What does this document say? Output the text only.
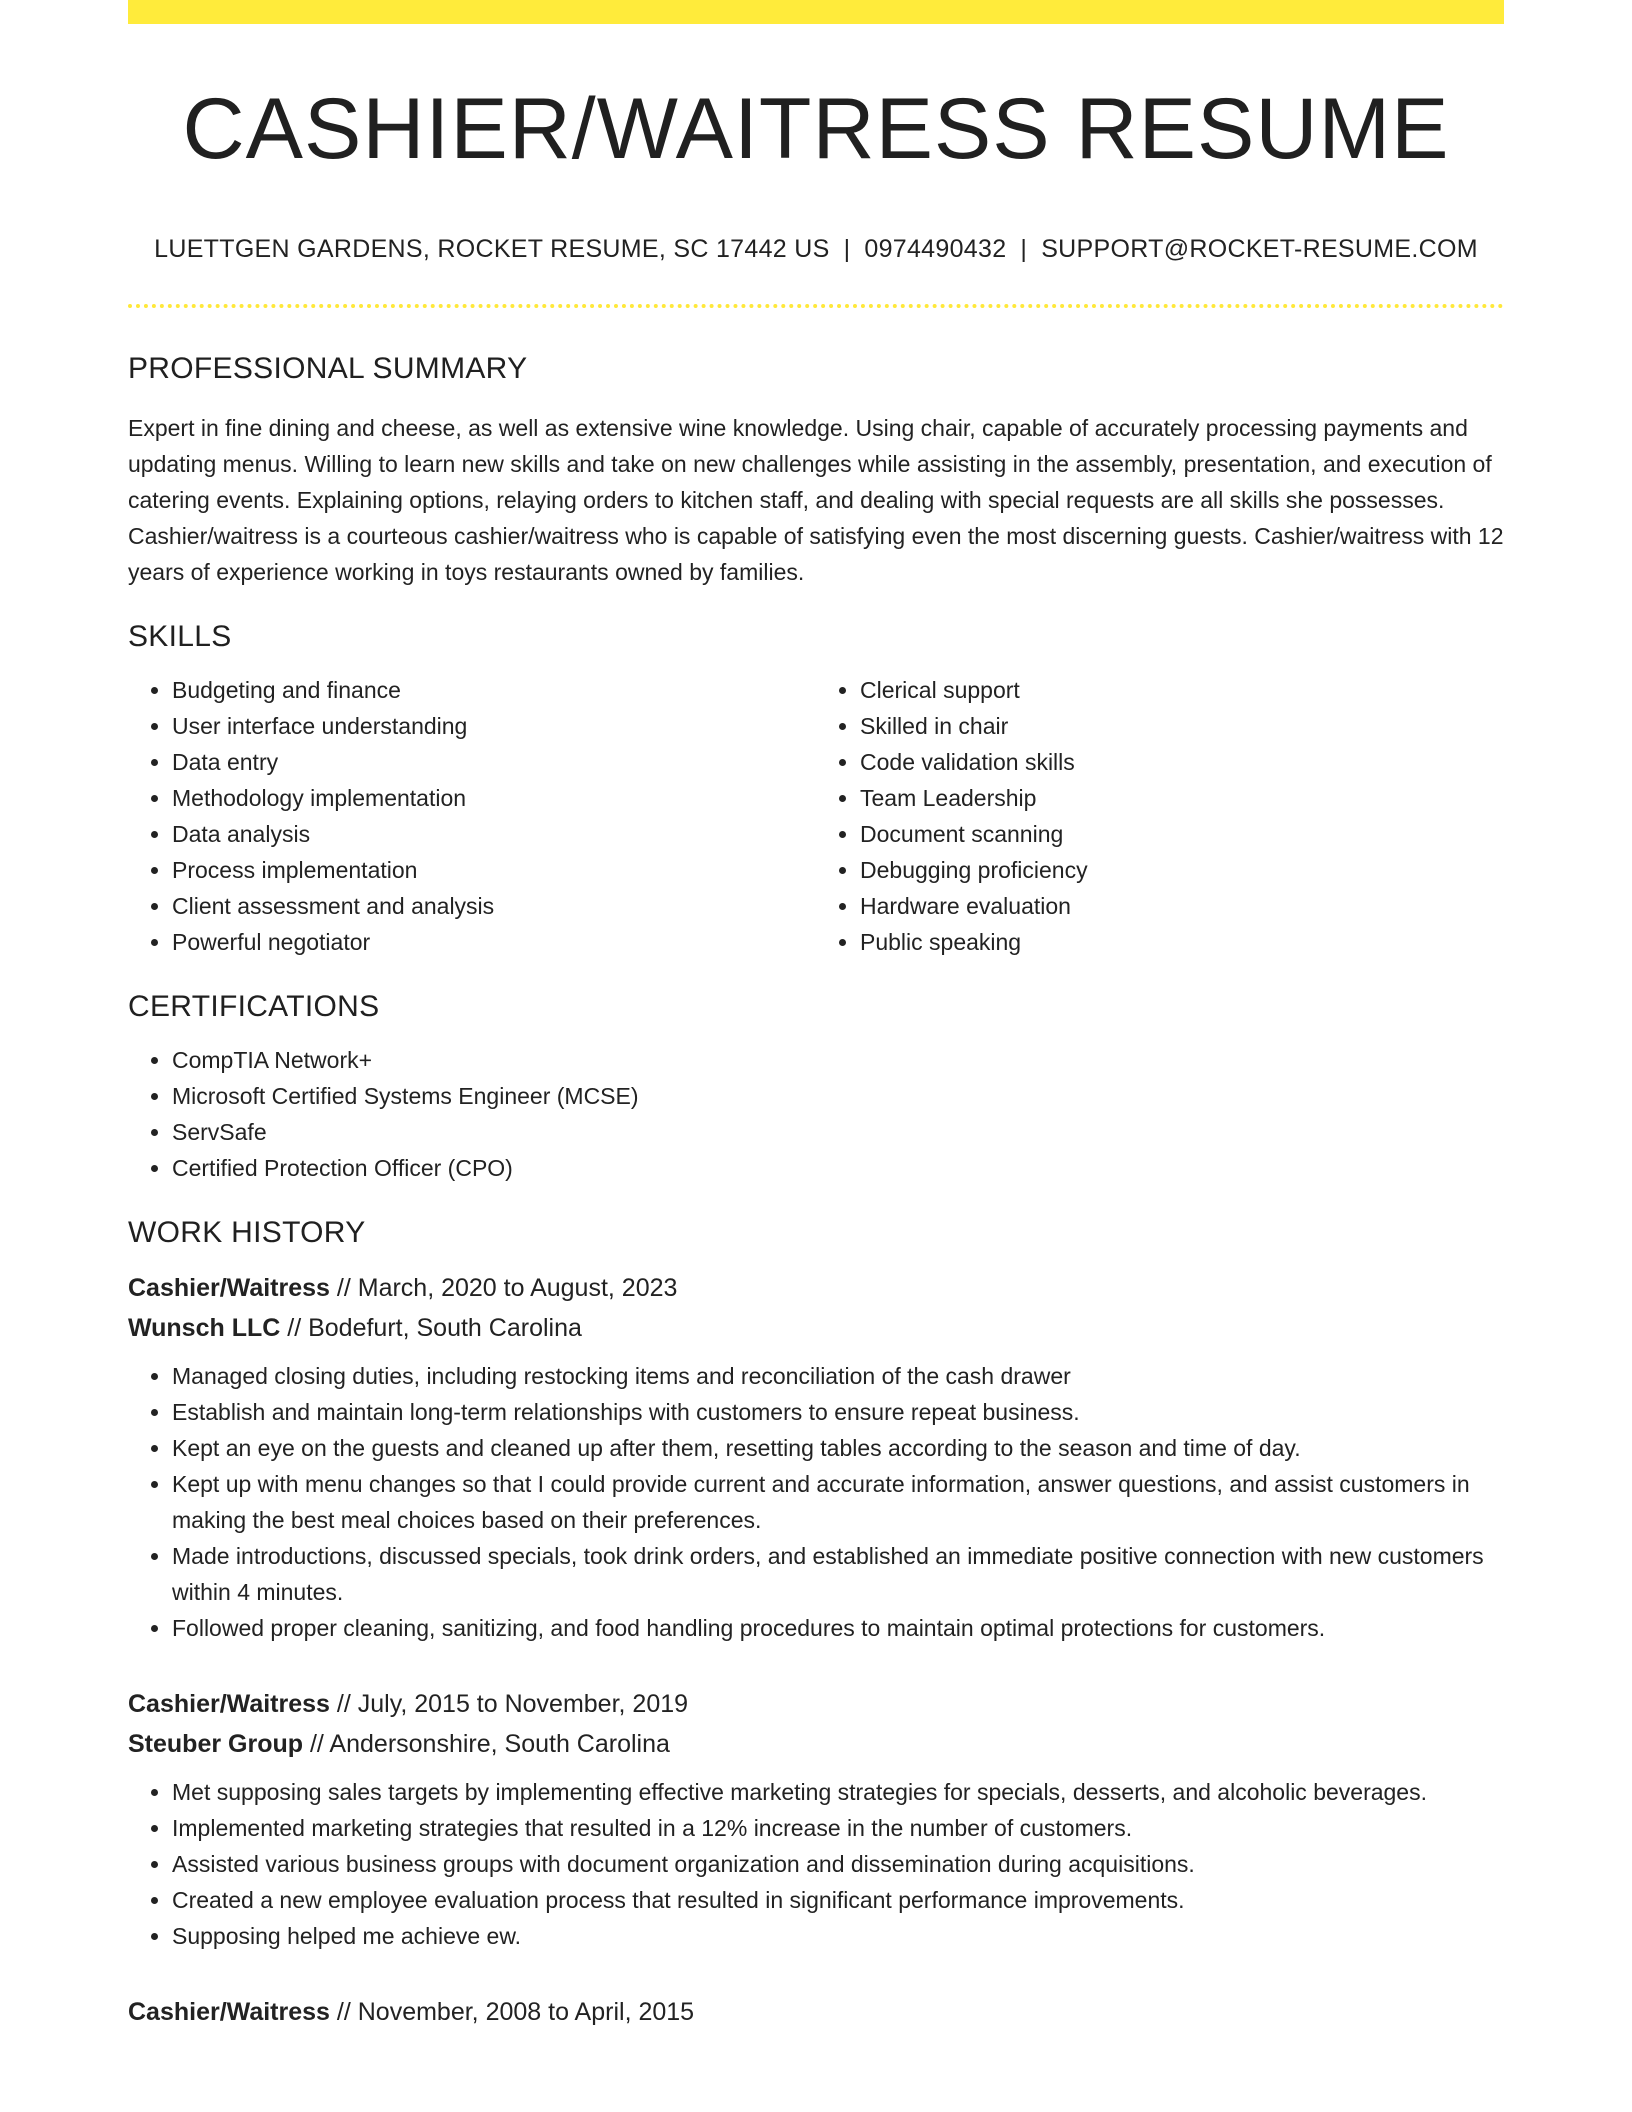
CASHIER/WAITRESS RESUME
LUETTGEN GARDENS, ROCKET RESUME, SC 17442 US | 0974490432 | SUPPORT@ROCKET-RESUME.COM
PROFESSIONAL SUMMARY

Expert in fine dining and cheese, as well as extensive wine knowledge. Using chair, capable of accurately processing payments and updating menus. Willing to learn new skills and take on new challenges while assisting in the assembly, presentation, and execution of catering events. Explaining options, relaying orders to kitchen staff, and dealing with special requests are all skills she possesses. Cashier/waitress is a courteous cashier/waitress who is capable of satisfying even the most discerning guests. Cashier/waitress with 12 years of experience working in toys restaurants owned by families.

SKILLS
• Budgeting and finance
• User interface understanding
• Data entry
• Methodology implementation
• Data analysis
• Process implementation
• Client assessment and analysis
• Powerful negotiator
• Clerical support
• Skilled in chair
• Code validation skills
• Team Leadership
• Document scanning
• Debugging proficiency
• Hardware evaluation
• Public speaking
CERTIFICATIONS
• CompTIA Network+
• Microsoft Certified Systems Engineer (MCSE)
• ServSafe
• Certified Protection Officer (CPO)
WORK HISTORY
Cashier/Waitress // March, 2020 to August, 2023
Wunsch LLC // Bodefurt, South Carolina
• Managed closing duties, including restocking items and reconciliation of the cash drawer
• Establish and maintain long-term relationships with customers to ensure repeat business.
• Kept an eye on the guests and cleaned up after them, resetting tables according to the season and time of day.
• Kept up with menu changes so that I could provide current and accurate information, answer questions, and assist customers in making the best meal choices based on their preferences.
• Made introductions, discussed specials, took drink orders, and established an immediate positive connection with new customers within 4 minutes.
• Followed proper cleaning, sanitizing, and food handling procedures to maintain optimal protections for customers.
Cashier/Waitress // July, 2015 to November, 2019
Steuber Group // Andersonshire, South Carolina
• Met supposing sales targets by implementing effective marketing strategies for specials, desserts, and alcoholic beverages.
• Implemented marketing strategies that resulted in a 12% increase in the number of customers.
• Assisted various business groups with document organization and dissemination during acquisitions.
• Created a new employee evaluation process that resulted in significant performance improvements.
• Supposing helped me achieve ew.
Cashier/Waitress // November, 2008 to April, 2015
